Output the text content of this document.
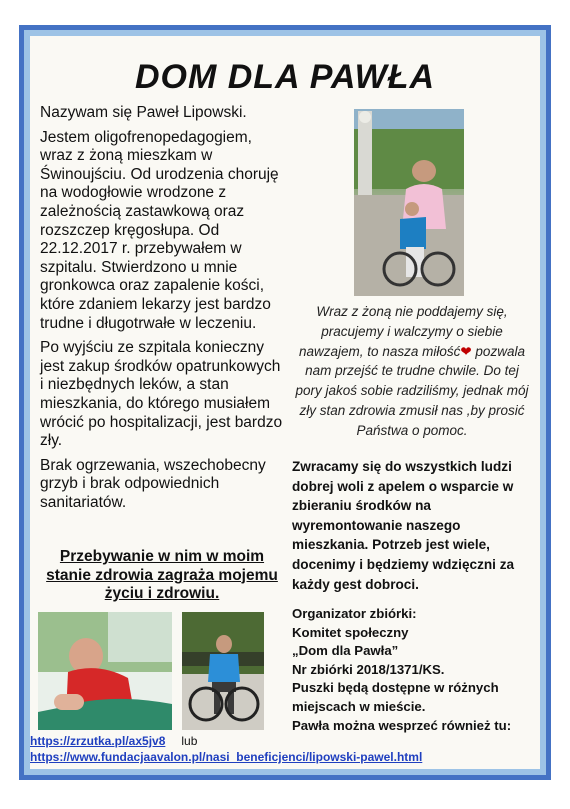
DOM DLA PAWŁA

Nazywam się Paweł Lipowski.

Jestem oligofrenopedagogiem, wraz z żoną mieszkam w Świnoujściu. Od urodzenia choruję na wodogłowie wrodzone z zależnością zastawkową oraz rozszczep kręgosłupa. Od 22.12.2017 r. przebywałem w szpitalu. Stwierdzono u mnie gronkowca oraz zapalenie kości, które zdaniem lekarzy jest bardzo trudne i długotrwałe w leczeniu.

Po wyjściu ze szpitala konieczny jest zakup środków opatrunkowych i niezbędnych leków, a stan mieszkania, do którego musiałem wrócić po hospitalizacji, jest bardzo zły.

Brak ogrzewania, wszechobecny grzyb i brak odpowiednich sanitariatów.

Przebywanie w nim w moim stanie zdrowia zagraża mojemu życiu i zdrowiu.
Wraz z żoną nie poddajemy się, pracujemy i walczymy o siebie nawzajem, to nasza miłość❤ pozwala nam przejść te trudne chwile. Do tej pory jakoś sobie radziliśmy, jednak mój zły stan zdrowia zmusił nas ,by prosić Państwa o pomoc.
Zwracamy się do wszystkich ludzi dobrej woli z apelem o wsparcie w zbieraniu środków na wyremontowanie naszego mieszkania. Potrzeb jest wiele, docenimy i będziemy wdzięczni za każdy gest dobroci.
Organizator zbiórki:
Komitet społeczny
„Dom dla Pawła”
Nr zbiórki 2018/1371/KS.
Puszki będą dostępne w różnych miejscach w mieście.
Pawła można wesprzeć również tu:
https://zrzutka.pl/ax5jv8 lub
https://www.fundacjaavalon.pl/nasi_beneficjenci/lipowski-pawel.html
